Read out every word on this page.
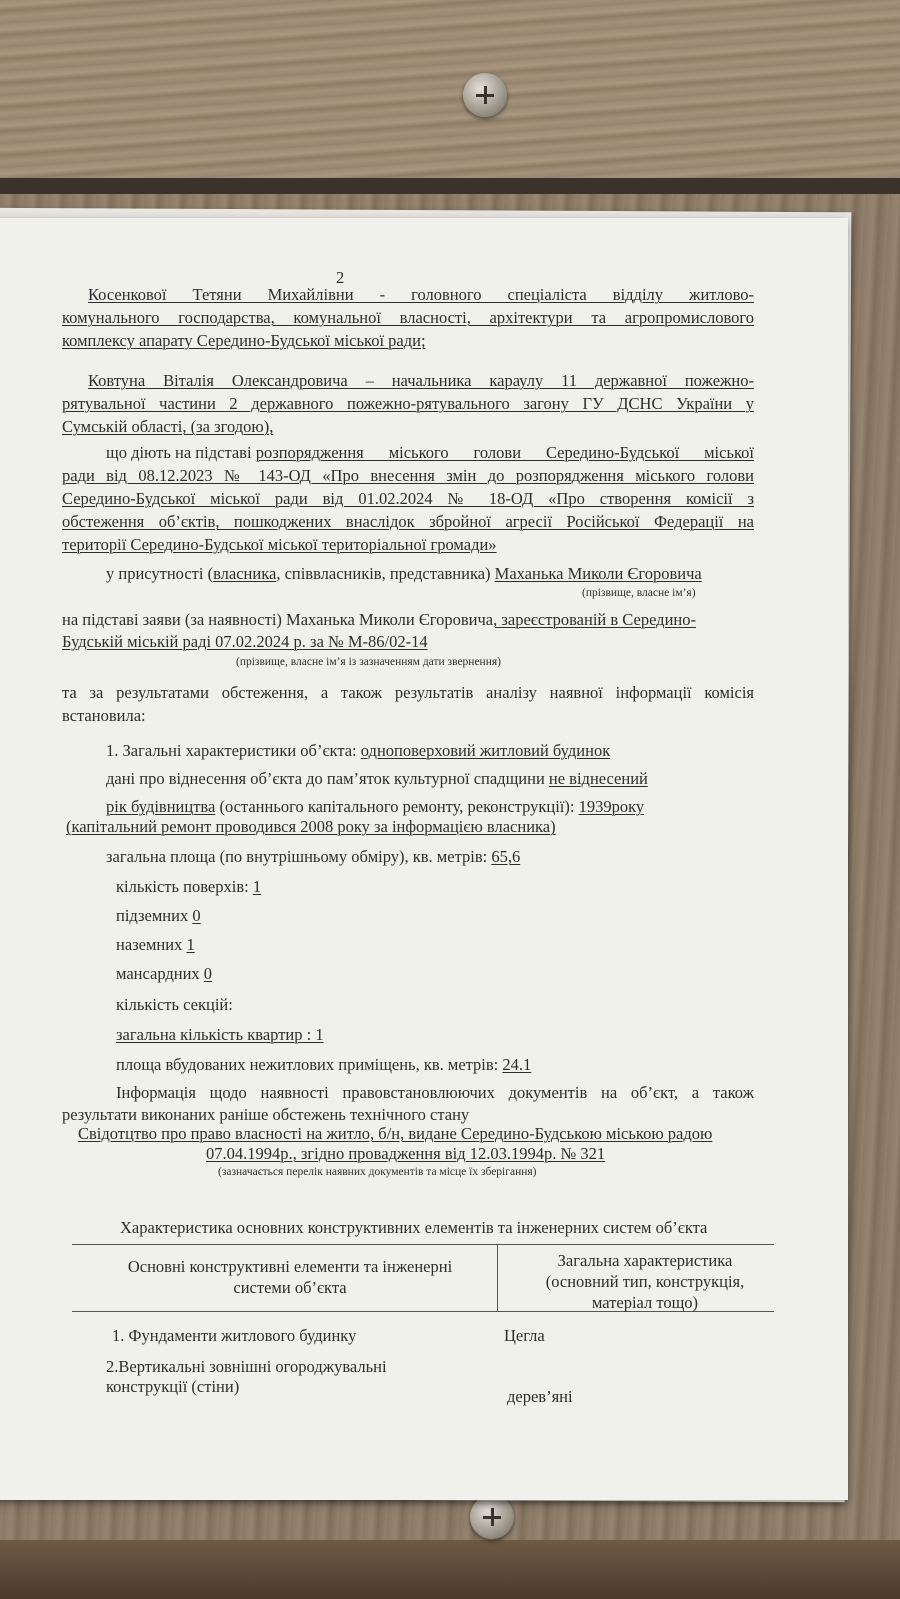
2
Косенкової Тетяни Михайлівни - головного спеціаліста відділу житлово-
комунального господарства, комунальної власності, архітектури та агропромислового
комплексу апарату Середино-Будської міської ради;
Ковтуна Віталія Олександровича – начальника караулу 11 державної пожежно-
рятувальної частини 2 державного пожежно-рятувального загону ГУ ДСНС України у
Сумській області, (за згодою),
що діють на підставі розпорядження міського голови Середино-Будської міської
ради від 08.12.2023 № 143-ОД «Про внесення змін до розпорядження міського голови
Середино-Будської міської ради від 01.02.2024 № 18-ОД «Про створення комісії з
обстеження об’єктів, пошкоджених внаслідок збройної агресії Російської Федерації на
території Середино-Будської міської територіальної громади»
у присутності (власника, співвласників, представника) Маханька Миколи Єгоровича
(прізвище, власне ім’я)
на підставі заяви (за наявності) Маханька Миколи Єгоровича, зареєстрованій в Середино-
Будській міській раді 07.02.2024 р. за № М-86/02-14
(прізвище, власне ім’я із зазначенням дати звернення)
та за результатами обстеження, а також результатів аналізу наявної інформації комісія
встановила:
1. Загальні характеристики об’єкта: одноповерховий житловий будинок
дані про віднесення об’єкта до пам’яток культурної спадщини не віднесений
рік будівництва (останнього капітального ремонту, реконструкції): 1939року
(капітальний ремонт проводився 2008 року за інформацією власника)
загальна площа (по внутрішньому обміру), кв. метрів: 65,6
кількість поверхів: 1
підземних 0
наземних 1
мансардних 0
кількість секцій:
загальна кількість квартир : 1
площа вбудованих нежитлових приміщень, кв. метрів: 24.1
Інформація щодо наявності правовстановлюючих документів на об’єкт, а також
результати виконаних раніше обстежень технічного стану
Свідотцтво про право власності на житло, б/н, видане Середино-Будською міською радою
07.04.1994р., згідно провадження від 12.03.1994р. № 321
(зазначається перелік наявних документів та місце їх зберігання)
Характеристика основних конструктивних елементів та інженерних систем об’єкта
Основні конструктивні елементи та інженерні системи об’єкта
Загальна характеристика (основний тип, конструкція, матеріал тощо)
1. Фундаменти житлового будинку	Цегла
2.Вертикальні зовнішні огороджувальні конструкції (стіни)
дерев’яні
